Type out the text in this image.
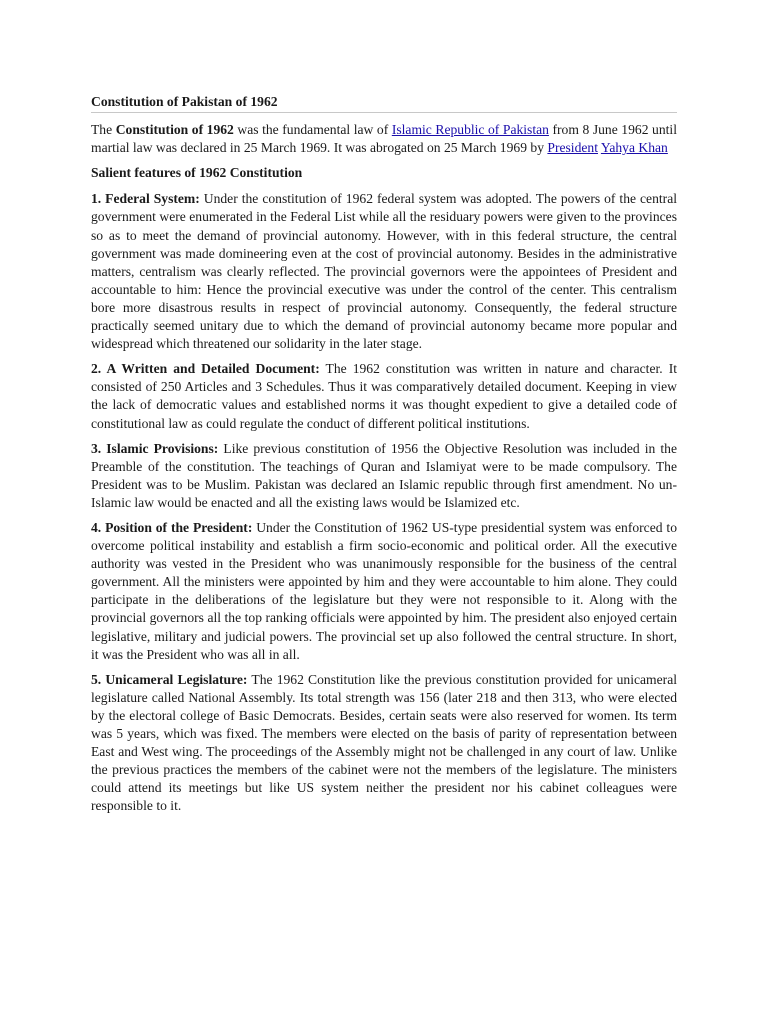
Constitution of Pakistan of 1962

The Constitution of 1962 was the fundamental law of Islamic Republic of Pakistan from 8 June 1962 until martial law was declared in 25 March 1969. It was abrogated on 25 March 1969 by President Yahya Khan

Salient features of 1962 Constitution

1. Federal System: Under the constitution of 1962 federal system was adopted. The powers of the central government were enumerated in the Federal List while all the residuary powers were given to the provinces so as to meet the demand of provincial autonomy. However, with in this federal structure, the central government was made domineering even at the cost of provincial autonomy. Besides in the administrative matters, centralism was clearly reflected. The provincial governors were the appointees of President and accountable to him: Hence the provincial executive was under the control of the center. This centralism bore more disastrous results in respect of provincial autonomy. Consequently, the federal structure practically seemed unitary due to which the demand of provincial autonomy became more popular and widespread which threatened our solidarity in the later stage.

2. A Written and Detailed Document: The 1962 constitution was written in nature and character. It consisted of 250 Articles and 3 Schedules. Thus it was comparatively detailed document. Keeping in view the lack of democratic values and established norms it was thought expedient to give a detailed code of constitutional law as could regulate the conduct of different political institutions.

3. Islamic Provisions: Like previous constitution of 1956 the Objective Resolution was included in the Preamble of the constitution. The teachings of Quran and Islamiyat were to be made compulsory. The President was to be Muslim. Pakistan was declared an Islamic republic through first amendment. No un-Islamic law would be enacted and all the existing laws would be Islamized etc.

4. Position of the President: Under the Constitution of 1962 US-type presidential system was enforced to overcome political instability and establish a firm socio-economic and political order. All the executive authority was vested in the President who was unanimously responsible for the business of the central government. All the ministers were appointed by him and they were accountable to him alone. They could participate in the deliberations of the legislature but they were not responsible to it. Along with the provincial governors all the top ranking officials were appointed by him. The president also enjoyed certain legislative, military and judicial powers. The provincial set up also followed the central structure. In short, it was the President who was all in all.

5. Unicameral Legislature: The 1962 Constitution like the previous constitution provided for unicameral legislature called National Assembly. Its total strength was 156 (later 218 and then 313, who were elected by the electoral college of Basic Democrats. Besides, certain seats were also reserved for women. Its term was 5 years, which was fixed. The members were elected on the basis of parity of representation between East and West wing. The proceedings of the Assembly might not be challenged in any court of law. Unlike the previous practices the members of the cabinet were not the members of the legislature. The ministers could attend its meetings but like US system neither the president nor his cabinet colleagues were responsible to it.
